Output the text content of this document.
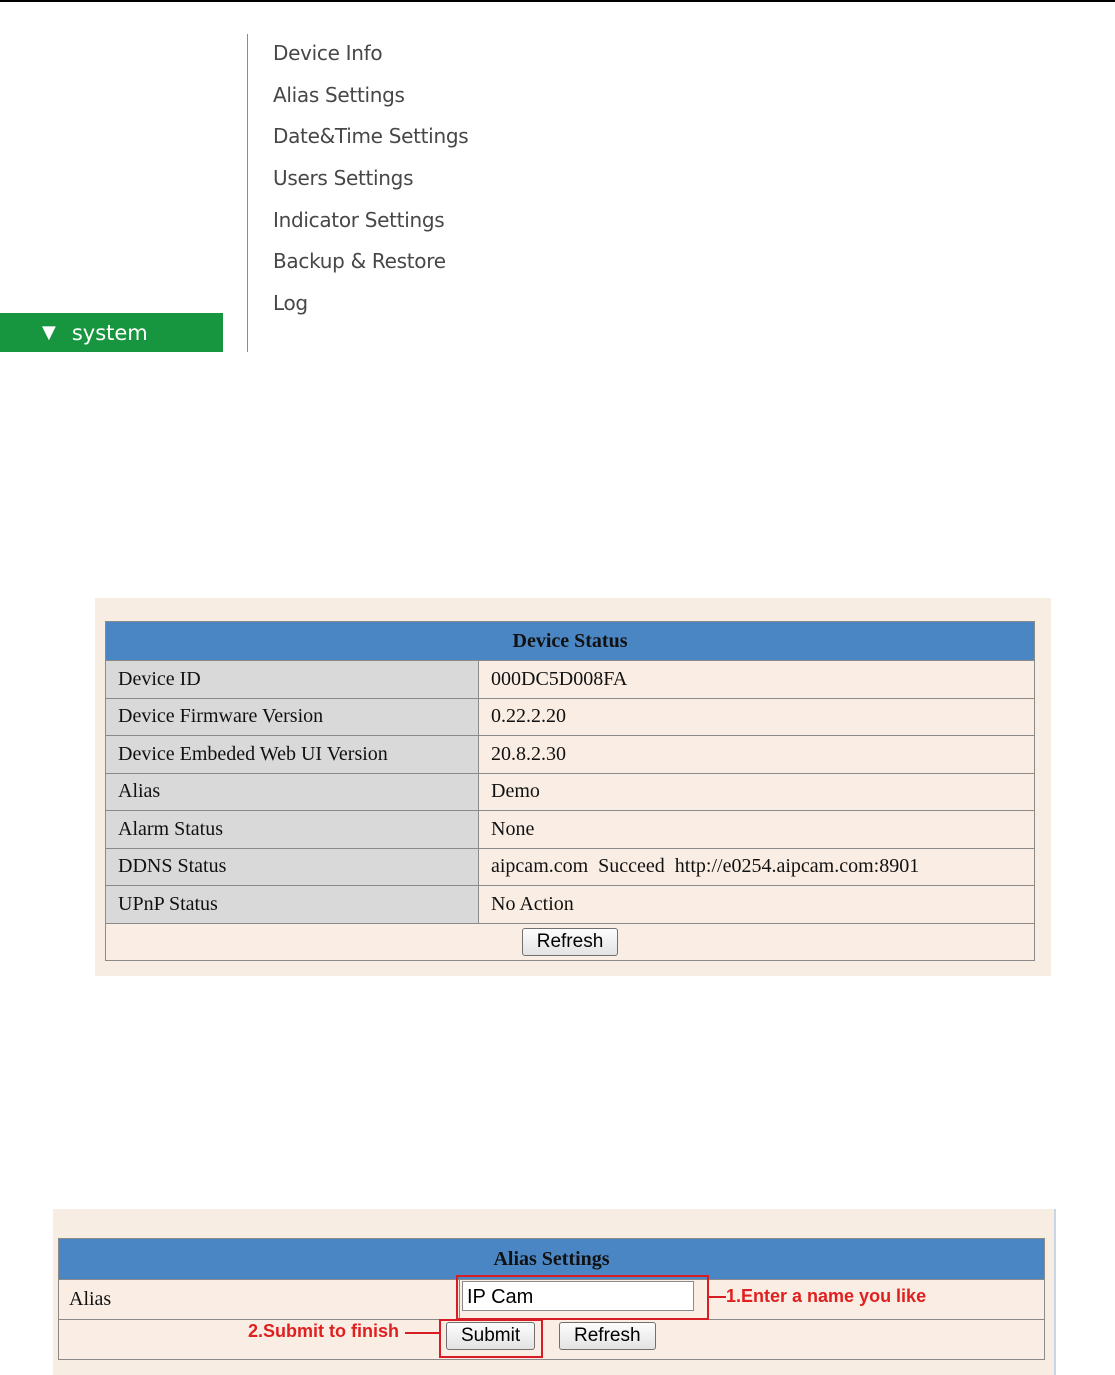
▼ system
Device Info
Alias Settings
Date&Time Settings
Users Settings
Indicator Settings
Backup & Restore
Log
Device Status	
Device ID	000DC5D008FA
Device Firmware Version	0.22.2.20
Device Embeded Web UI Version	20.8.2.30
Alias	Demo
Alarm Status	None
DDNS Status	aipcam.com  Succeed  http://e0254.aipcam.com:8901
UPnP Status	No Action
Refresh	
Alias Settings
Alias		IP Cam
Submit	Refresh
1.Enter a name you like
2.Submit to finish
